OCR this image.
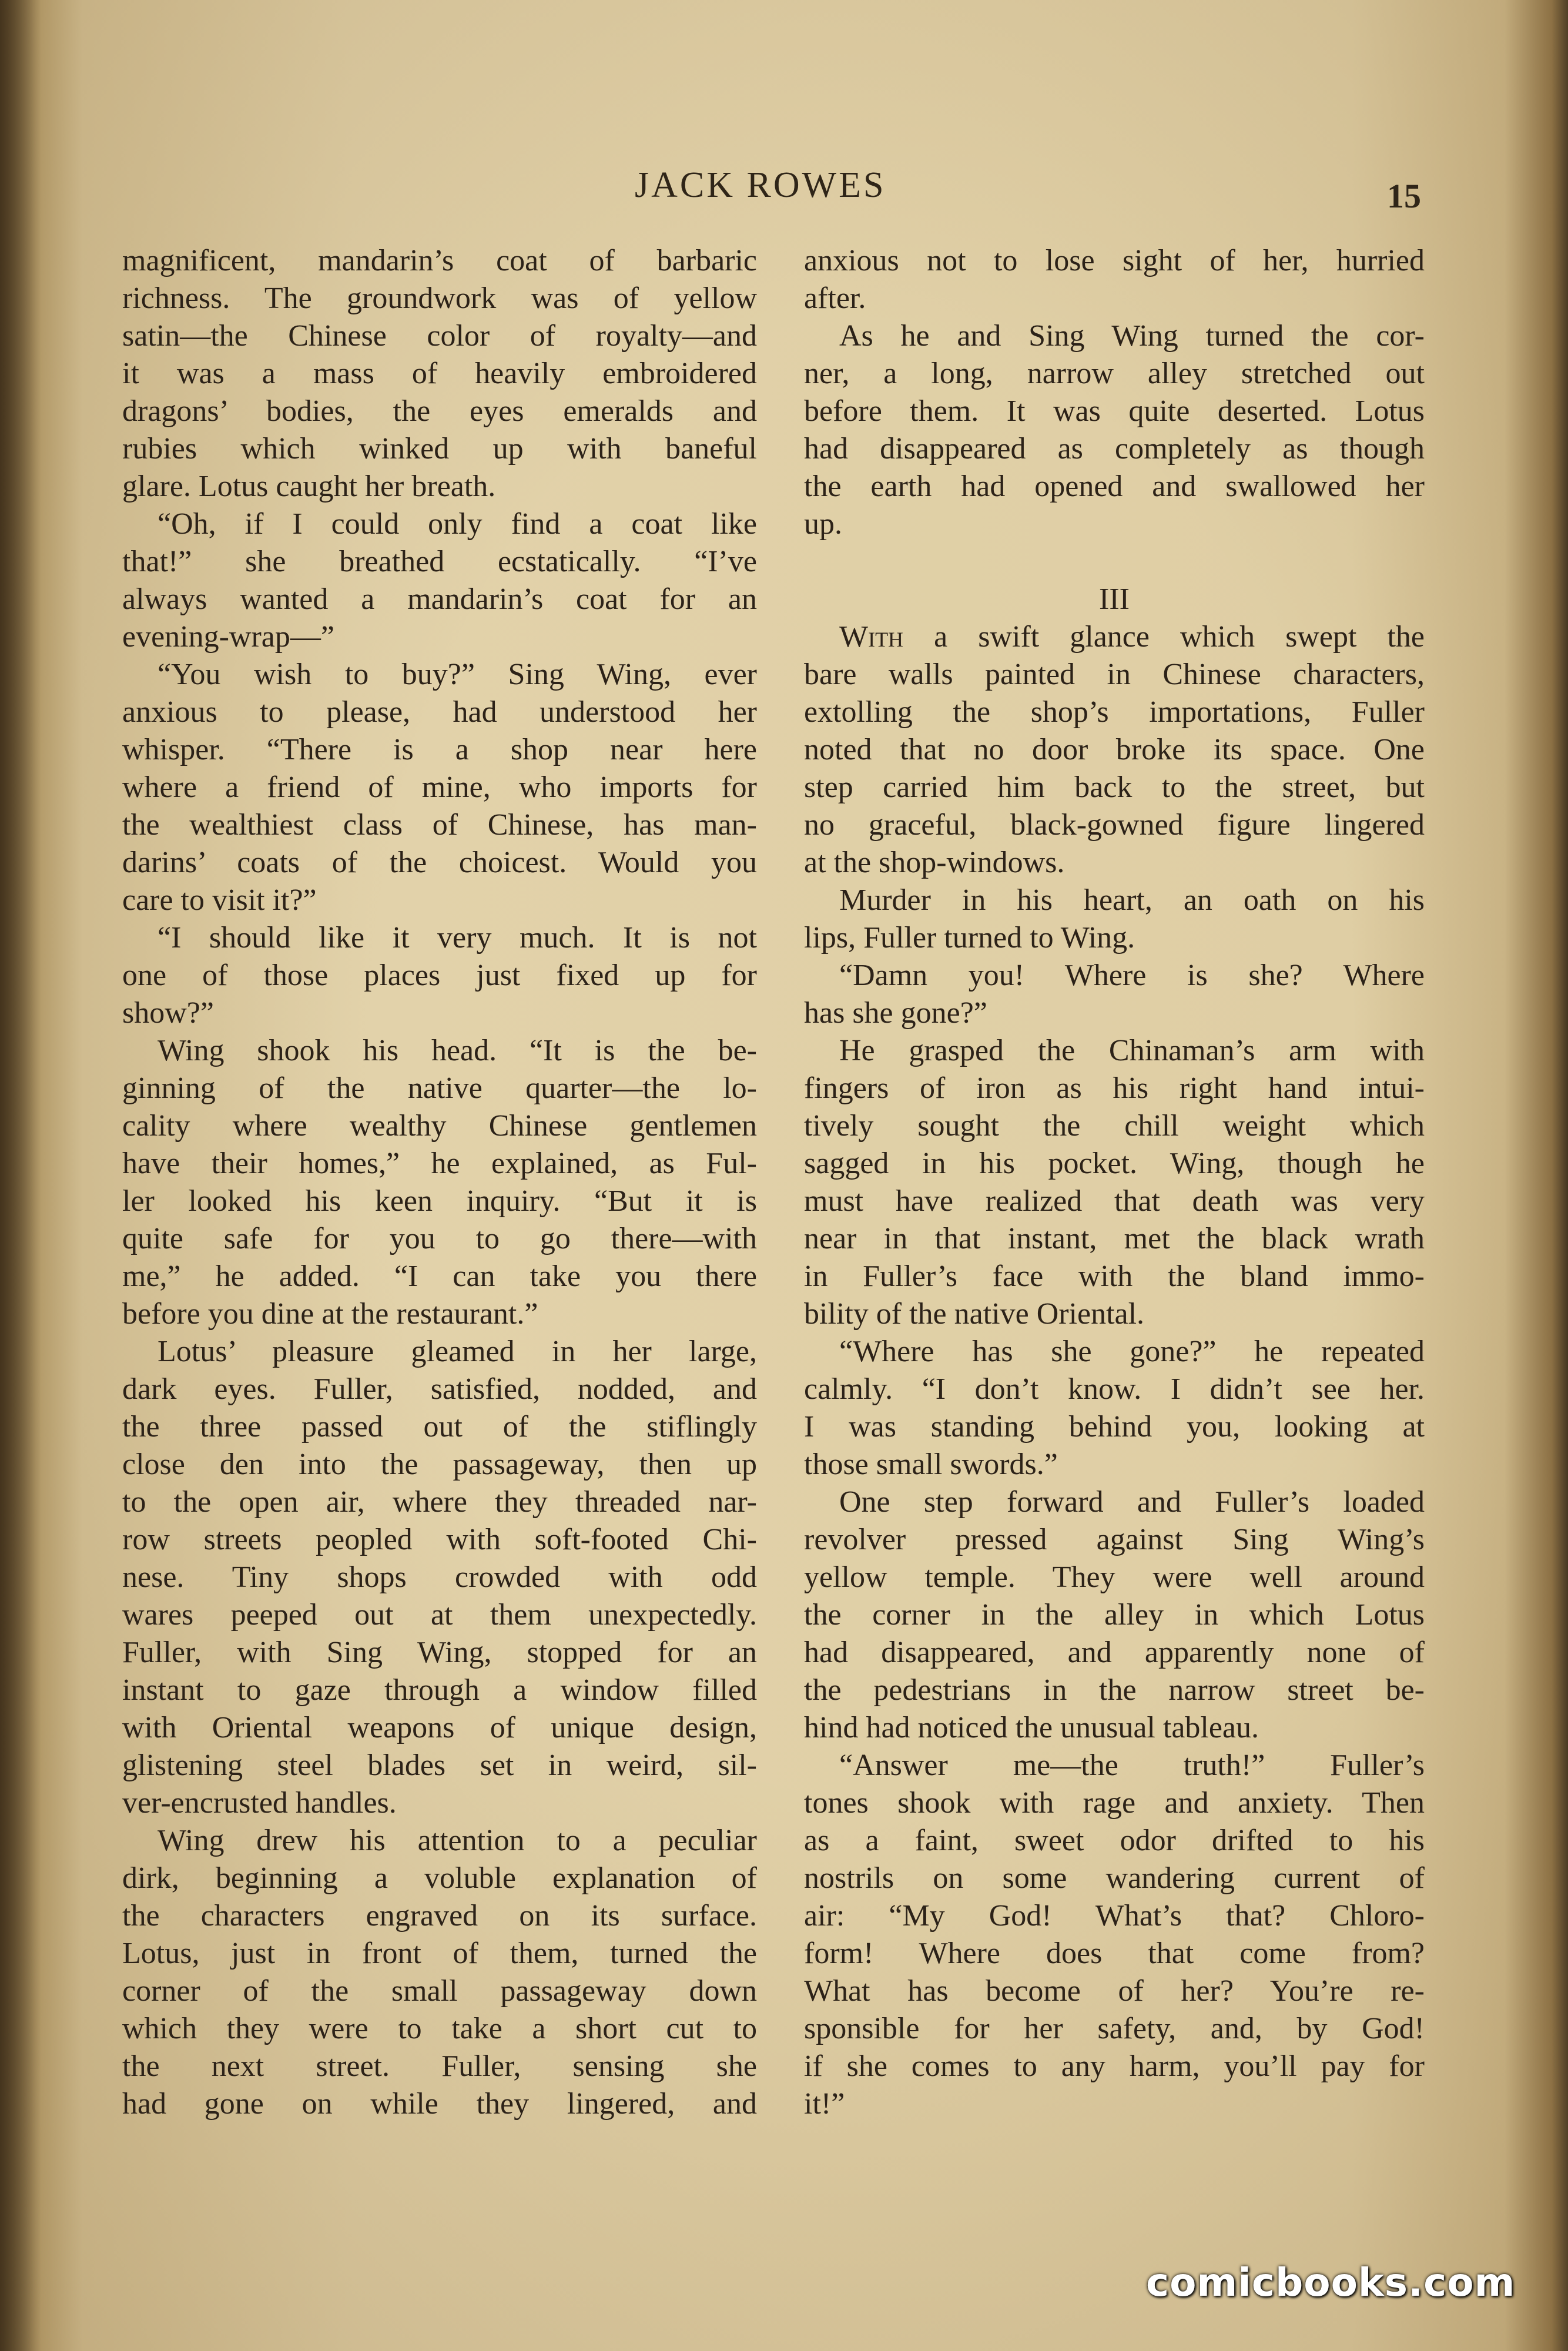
JACK ROWES	15
magnificent, mandarin’s coat of barbaric
richness. The groundwork was of yellow
satin—the Chinese color of royalty—and
it was a mass of heavily embroidered
dragons’ bodies, the eyes emeralds and
rubies which winked up with baneful
glare. Lotus caught her breath.
“Oh, if I could only find a coat like
that!” she breathed ecstatically. “I’ve
always wanted a mandarin’s coat for an
evening-wrap—”
“You wish to buy?” Sing Wing, ever
anxious to please, had understood her
whisper. “There is a shop near here
where a friend of mine, who imports for
the wealthiest class of Chinese, has man-
darins’ coats of the choicest. Would you
care to visit it?”
“I should like it very much. It is not
one of those places just fixed up for
show?”
Wing shook his head. “It is the be-
ginning of the native quarter—the lo-
cality where wealthy Chinese gentlemen
have their homes,” he explained, as Ful-
ler looked his keen inquiry. “But it is
quite safe for you to go there—with
me,” he added. “I can take you there
before you dine at the restaurant.”
Lotus’ pleasure gleamed in her large,
dark eyes. Fuller, satisfied, nodded, and
the three passed out of the stiflingly
close den into the passageway, then up
to the open air, where they threaded nar-
row streets peopled with soft-footed Chi-
nese. Tiny shops crowded with odd
wares peeped out at them unexpectedly.
Fuller, with Sing Wing, stopped for an
instant to gaze through a window filled
with Oriental weapons of unique design,
glistening steel blades set in weird, sil-
ver-encrusted handles.
Wing drew his attention to a peculiar
dirk, beginning a voluble explanation of
the characters engraved on its surface.
Lotus, just in front of them, turned the
corner of the small passageway down
which they were to take a short cut to
the next street. Fuller, sensing she
had gone on while they lingered, and
anxious not to lose sight of her, hurried
after.
As he and Sing Wing turned the cor-
ner, a long, narrow alley stretched out
before them. It was quite deserted. Lotus
had disappeared as completely as though
the earth had opened and swallowed her
up.
III
With a swift glance which swept the
bare walls painted in Chinese characters,
extolling the shop’s importations, Fuller
noted that no door broke its space. One
step carried him back to the street, but
no graceful, black-gowned figure lingered
at the shop-windows.
Murder in his heart, an oath on his
lips, Fuller turned to Wing.
“Damn you! Where is she? Where
has she gone?”
He grasped the Chinaman’s arm with
fingers of iron as his right hand intui-
tively sought the chill weight which
sagged in his pocket. Wing, though he
must have realized that death was very
near in that instant, met the black wrath
in Fuller’s face with the bland immo-
bility of the native Oriental.
“Where has she gone?” he repeated
calmly. “I don’t know. I didn’t see her.
I was standing behind you, looking at
those small swords.”
One step forward and Fuller’s loaded
revolver pressed against Sing Wing’s
yellow temple. They were well around
the corner in the alley in which Lotus
had disappeared, and apparently none of
the pedestrians in the narrow street be-
hind had noticed the unusual tableau.
“Answer me—the truth!” Fuller’s
tones shook with rage and anxiety. Then
as a faint, sweet odor drifted to his
nostrils on some wandering current of
air: “My God! What’s that? Chloro-
form! Where does that come from?
What has become of her? You’re re-
sponsible for her safety, and, by God!
if she comes to any harm, you’ll pay for
it!”
comicbooks.com
